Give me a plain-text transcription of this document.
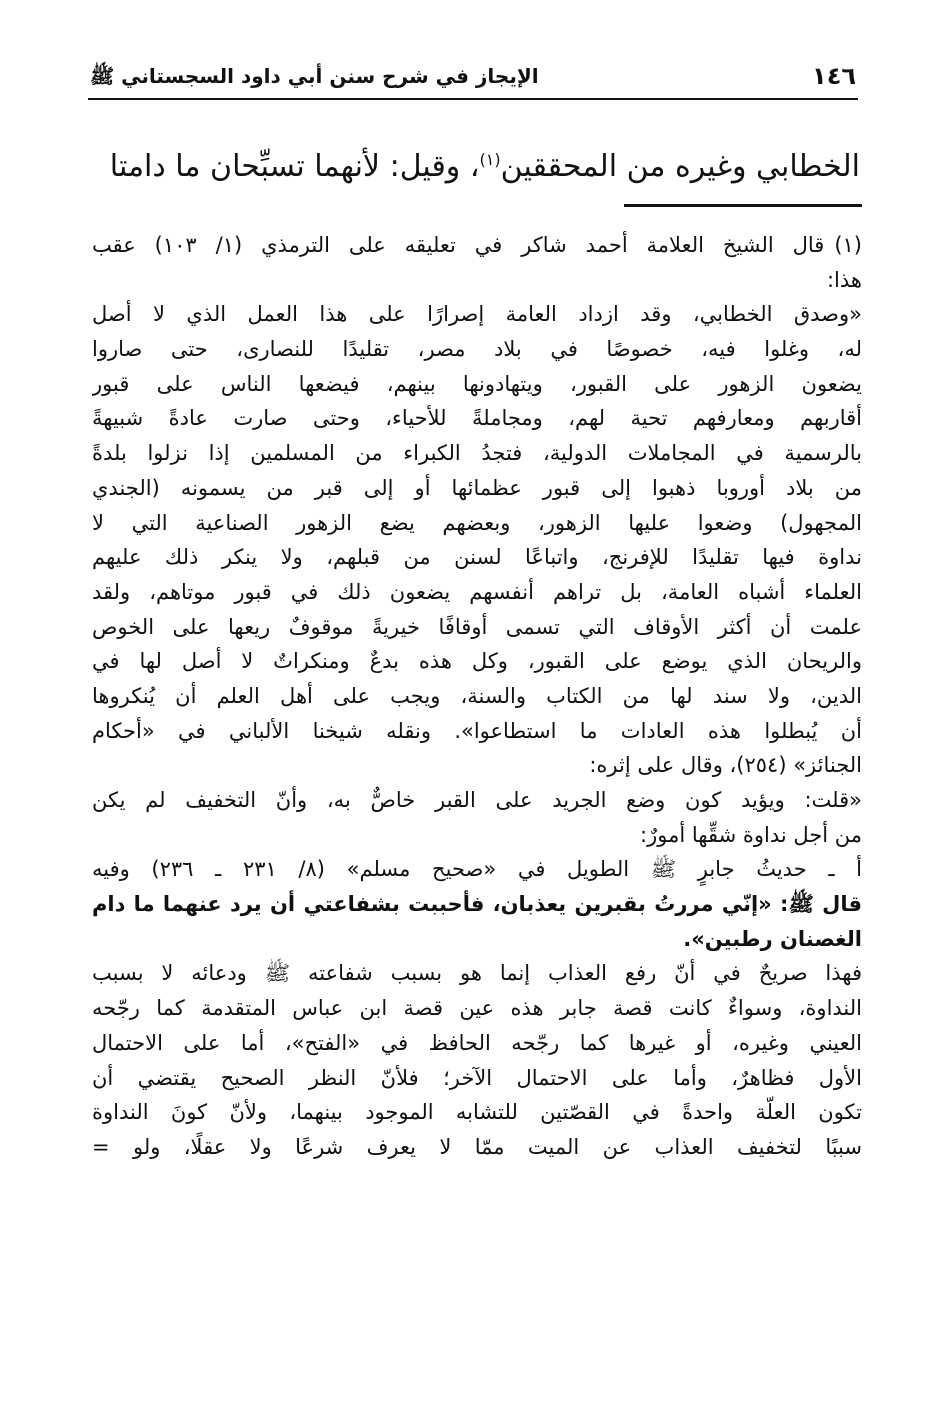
١٤٦
الإيجاز في شرح سنن أبي داود السجستاني ﷺ
الخطابي وغيره من المحققين$^{(١)}$، وقيل: لأنهما تسبِّحان ما دامتا
(١)قال الشيخ العلامة أحمد شاكر في تعليقه على الترمذي (١/ ١٠٣) عقب
هذا:
«وصدق الخطابي، وقد ازداد العامة إصرارًا على هذا العمل الذي لا أصل
له، وغلوا فيه، خصوصًا في بلاد مصر، تقليدًا للنصارى، حتى صاروا
يضعون الزهور على القبور، ويتهادونها بينهم، فيضعها الناس على قبور
أقاربهم ومعارفهم تحية لهم، ومجاملةً للأحياء، وحتى صارت عادةً شبيهةً
بالرسمية في المجاملات الدولية، فتجدُ الكبراء من المسلمين إذا نزلوا بلدةً
من بلاد أوروبا ذهبوا إلى قبور عظمائها أو إلى قبر من يسمونه (الجندي
المجهول) وضعوا عليها الزهور، وبعضهم يضع الزهور الصناعية التي لا
نداوة فيها تقليدًا للإفرنج، واتباعًا لسنن من قبلهم، ولا ينكر ذلك عليهم
العلماء أشباه العامة، بل تراهم أنفسهم يضعون ذلك في قبور موتاهم، ولقد
علمت أن أكثر الأوقاف التي تسمى أوقافًا خيريةً موقوفٌ ريعها على الخوص
والريحان الذي يوضع على القبور، وكل هذه بدعٌ ومنكراتٌ لا أصل لها في
الدين، ولا سند لها من الكتاب والسنة، ويجب على أهل العلم أن يُنكروها
أن يُبطلوا هذه العادات ما استطاعوا». ونقله شيخنا الألباني في «أحكام
الجنائز» (٢٥٤)، وقال على إثره:
«قلت: ويؤيد كون وضع الجريد على القبر خاصٌّ به، وأنّ التخفيف لم يكن
من أجل نداوة شقِّها أمورٌ:
أ ـ حديثُ جابرٍ ﷺ الطويل في «صحيح مسلم» (٨/ ٢٣١ ـ ٢٣٦) وفيه
قال ﷺ: «إنّي مررتُ بقبرين يعذبان، فأحببت بشفاعتي أن يرد عنهما ما دام
الغصنان رطبين».
فهذا صريحٌ في أنّ رفع العذاب إنما هو بسبب شفاعته ﷺ ودعائه لا بسبب
النداوة، وسواءٌ كانت قصة جابر هذه عين قصة ابن عباس المتقدمة كما رجّحه
العيني وغيره، أو غيرها كما رجّحه الحافظ في «الفتح»، أما على الاحتمال
الأول فظاهرٌ، وأما على الاحتمال الآخر؛ فلأنّ النظر الصحيح يقتضي أن
تكون العلّة واحدةً في القصّتين للتشابه الموجود بينهما، ولأنّ كونَ النداوة
سببًا لتخفيف العذاب عن الميت ممّا لا يعرف شرعًا ولا عقلًا، ولو =
